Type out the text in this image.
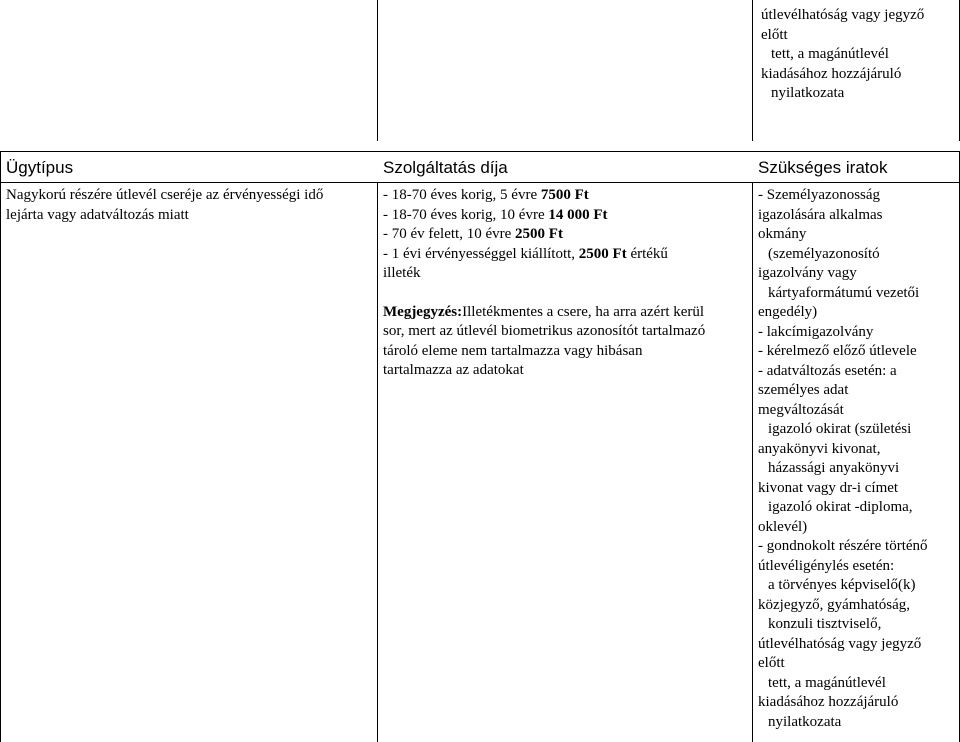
útlevélhatóság vagy jegyző
előtt
tett, a magánútlevél
kiadásához hozzájáruló
nyilatkozata
Ügytípus	Szolgáltatás díja	Szükséges iratok
Nagykorú részére útlevél cseréje az érvényességi idő
lejárta vagy adatváltozás miatt
- 18-70 éves korig, 5 évre 7500 Ft
- 18-70 éves korig, 10 évre 14 000 Ft
- 70 év felett, 10 évre 2500 Ft
- 1 évi érvényességgel kiállított, 2500 Ft értékű
illeték
Megjegyzés:Illetékmentes a csere, ha arra azért kerül
sor, mert az útlevél biometrikus azonosítót tartalmazó
tároló eleme nem tartalmazza vagy hibásan
tartalmazza az adatokat
- Személyazonosság
igazolására alkalmas
okmány
(személyazonosító
igazolvány vagy
kártyaformátumú vezetői
engedély)
- lakcímigazolvány
- kérelmező előző útlevele
- adatváltozás esetén: a
személyes adat
megváltozását
igazoló okirat (születési
anyakönyvi kivonat,
házassági anyakönyvi
kivonat vagy dr-i címet
igazoló okirat -diploma,
oklevél)
- gondnokolt részére történő
útlevéligénylés esetén:
a törvényes képviselő(k)
közjegyző, gyámhatóság,
konzuli tisztviselő,
útlevélhatóság vagy jegyző
előtt
tett, a magánútlevél
kiadásához hozzájáruló
nyilatkozata
